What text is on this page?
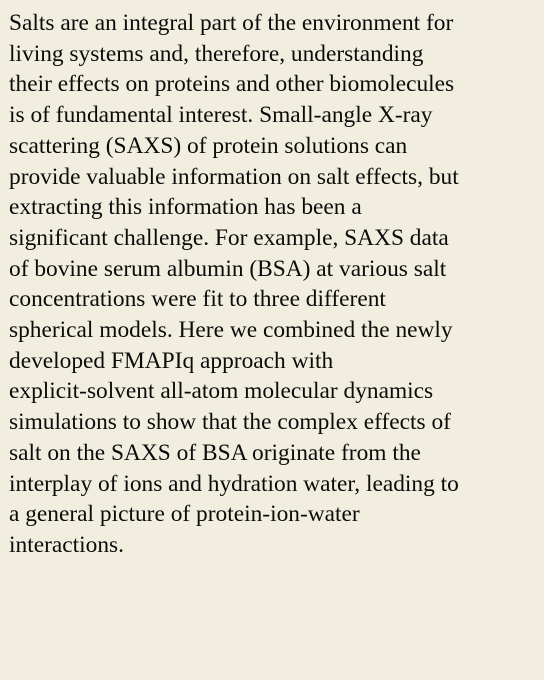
Salts are an integral part of the environment for
living systems and, therefore, understanding
their effects on proteins and other biomolecules
is of fundamental interest. Small-angle X-ray
scattering (SAXS) of protein solutions can
provide valuable information on salt effects, but
extracting this information has been a
significant challenge. For example, SAXS data
of bovine serum albumin (BSA) at various salt
concentrations were fit to three different
spherical models. Here we combined the newly
developed FMAPIq approach with
explicit-solvent all-atom molecular dynamics
simulations to show that the complex effects of
salt on the SAXS of BSA originate from the
interplay of ions and hydration water, leading to
a general picture of protein-ion-water
interactions.
